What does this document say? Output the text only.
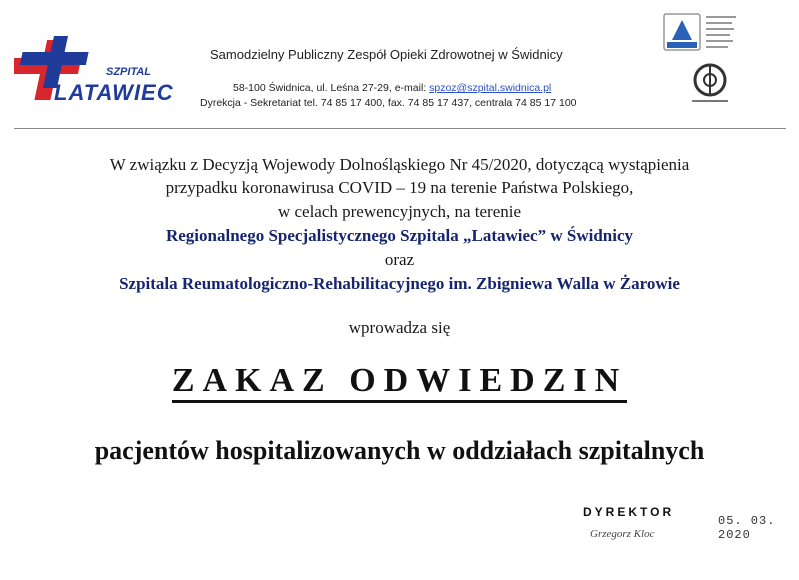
SZPITAL
LATAWIEC
Samodzielny Publiczny Zespół Opieki Zdrowotnej w Świdnicy
58-100 Świdnica, ul. Leśna 27-29, e-mail: spzoz@szpital.swidnica.pl
Dyrekcja - Sekretariat tel. 74 85 17 400, fax. 74 85 17 437, centrala 74 85 17 100
W związku z Decyzją Wojewody Dolnośląskiego Nr 45/2020, dotyczącą wystąpienia
przypadku koronawirusa COVID – 19 na terenie Państwa Polskiego,
w celach prewencyjnych, na terenie
Regionalnego Specjalistycznego Szpitala „Latawiec” w Świdnicy
oraz
Szpitala Reumatologiczno-Rehabilitacyjnego im. Zbigniewa Walla w Żarowie
wprowadza się
ZAKAZ ODWIEDZIN
pacjentów hospitalizowanych w oddziałach szpitalnych
DYREKTOR
05. 03. 2020
Grzegorz Kloc
